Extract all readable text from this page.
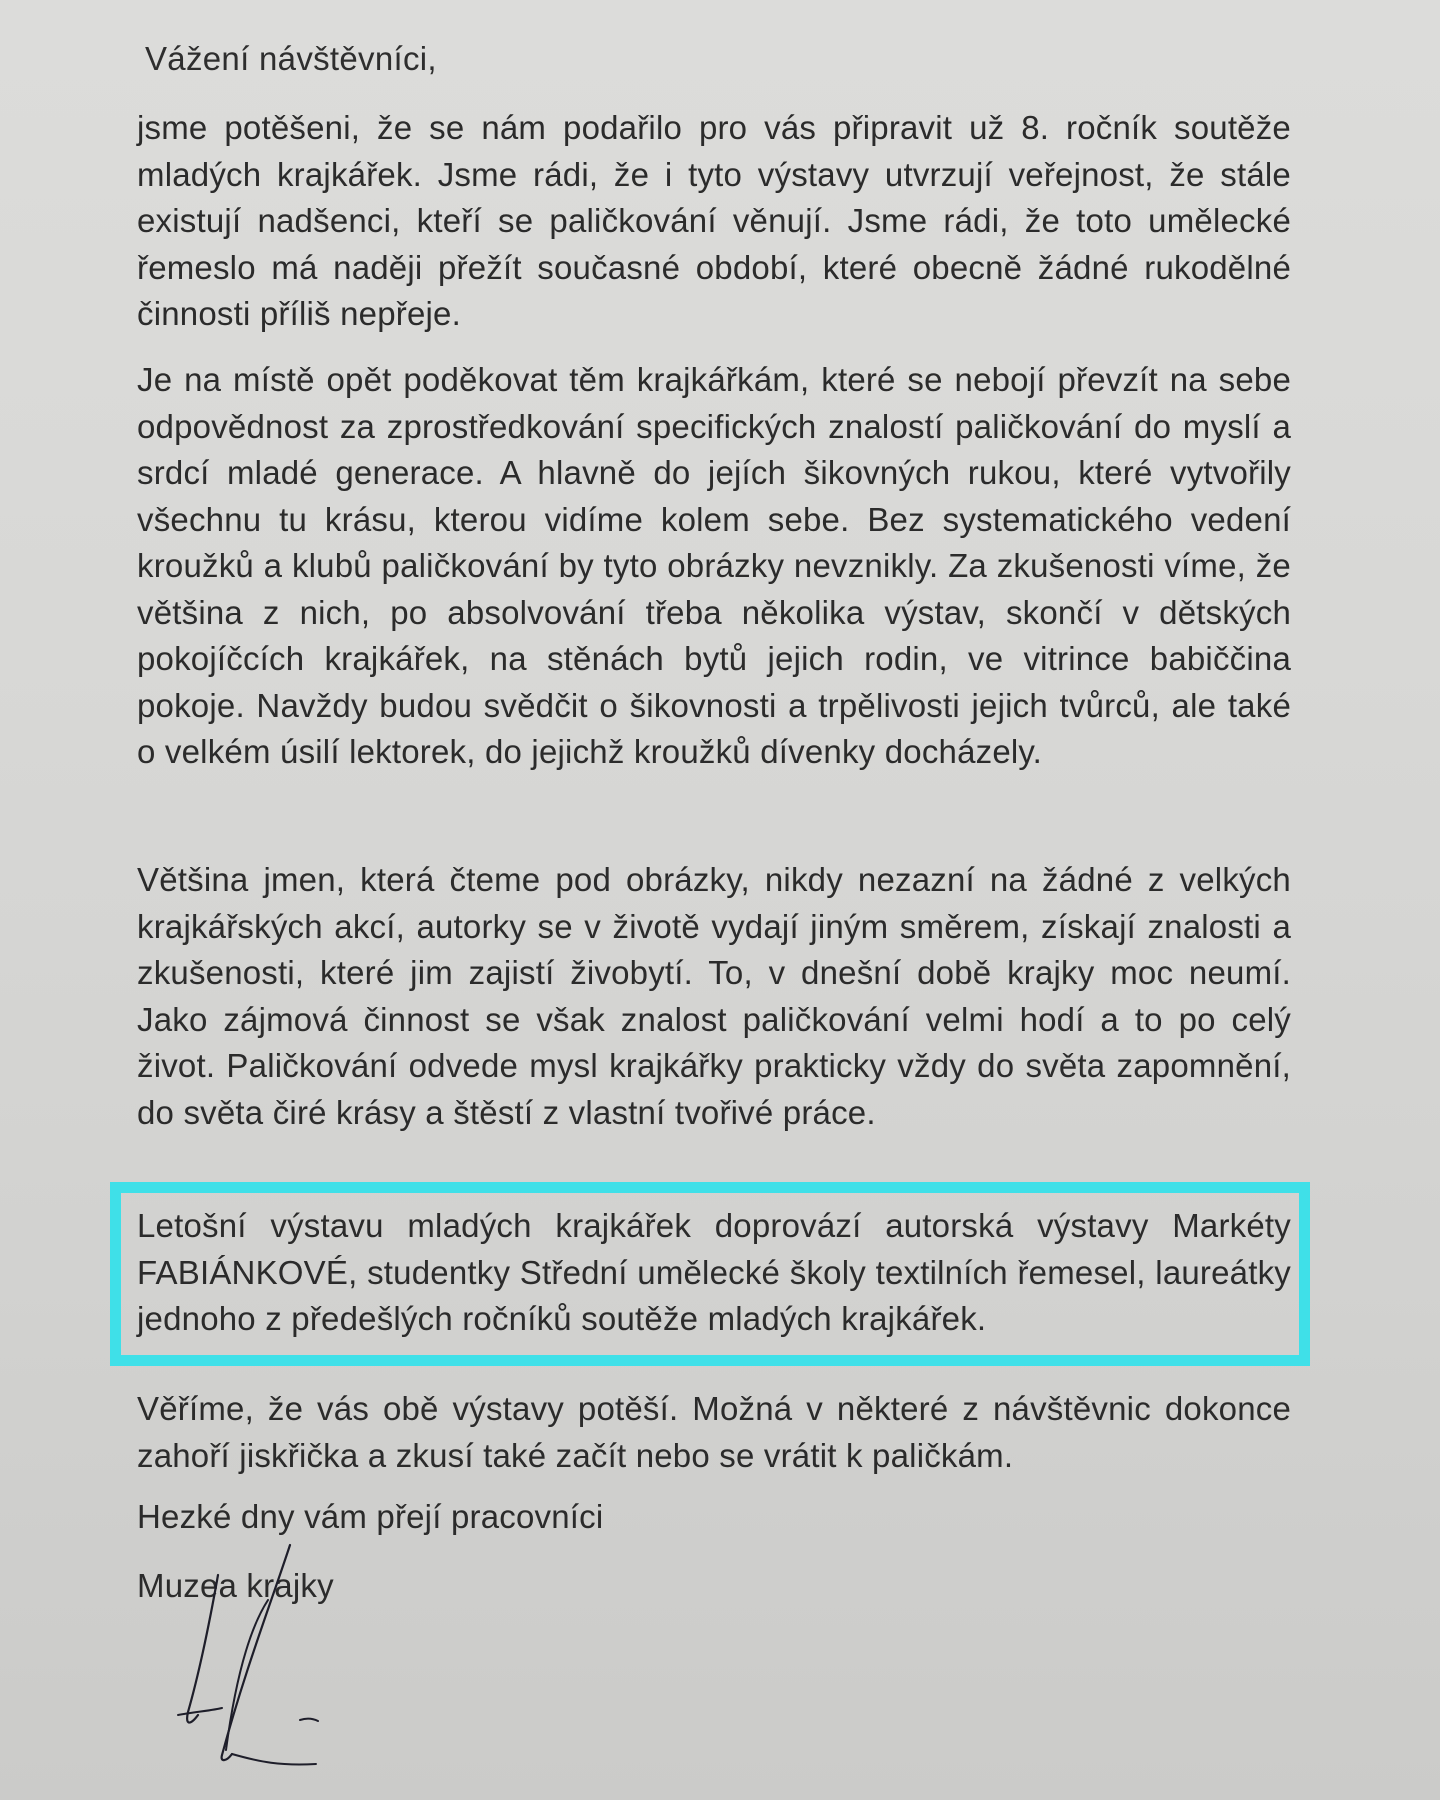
Vážení návštěvníci,

jsme potěšeni, že se nám podařilo pro vás připravit už 8. ročník soutěže mladých krajkářek. Jsme rádi, že i tyto výstavy utvrzují veřejnost, že stále existují nadšenci, kteří se paličkování věnují. Jsme rádi, že toto umělecké řemeslo má naději přežít současné období, které obecně žádné rukodělné činnosti příliš nepřeje.

Je na místě opět poděkovat těm krajkářkám, které se nebojí převzít na sebe odpovědnost za zprostředkování specifických znalostí paličkování do myslí a srdcí mladé generace. A hlavně do jejích šikovných rukou, které vytvořily všechnu tu krásu, kterou vidíme kolem sebe. Bez systematického vedení kroužků a klubů paličkování by tyto obrázky nevznikly. Za zkušenosti víme, že většina z nich, po absolvování třeba několika výstav, skončí v dětských pokojíčcích krajkářek, na stěnách bytů jejich rodin, ve vitrince babiččina pokoje. Navždy budou svědčit o šikovnosti a trpělivosti jejich tvůrců, ale také o velkém úsilí lektorek, do jejichž kroužků dívenky docházely.

Většina jmen, která čteme pod obrázky, nikdy nezazní na žádné z velkých krajkářských akcí, autorky se v životě vydají jiným směrem, získají znalosti a zkušenosti, které jim zajistí živobytí. To, v dnešní době krajky moc neumí. Jako zájmová činnost se však znalost paličkování velmi hodí a to po celý život. Paličkování odvede mysl krajkářky prakticky vždy do světa zapomnění, do světa čiré krásy a štěstí z vlastní tvořivé práce.

Letošní výstavu mladých krajkářek doprovází autorská výstavy Markéty FABIÁNKOVÉ, studentky Střední umělecké školy textilních řemesel, laureátky jednoho z předešlých ročníků soutěže mladých krajkářek.

Věříme, že vás obě výstavy potěší. Možná v některé z návštěvnic dokonce zahoří jiskřička a zkusí také začít nebo se vrátit k paličkám.

Hezké dny vám přejí pracovníci
Muzea krajky
